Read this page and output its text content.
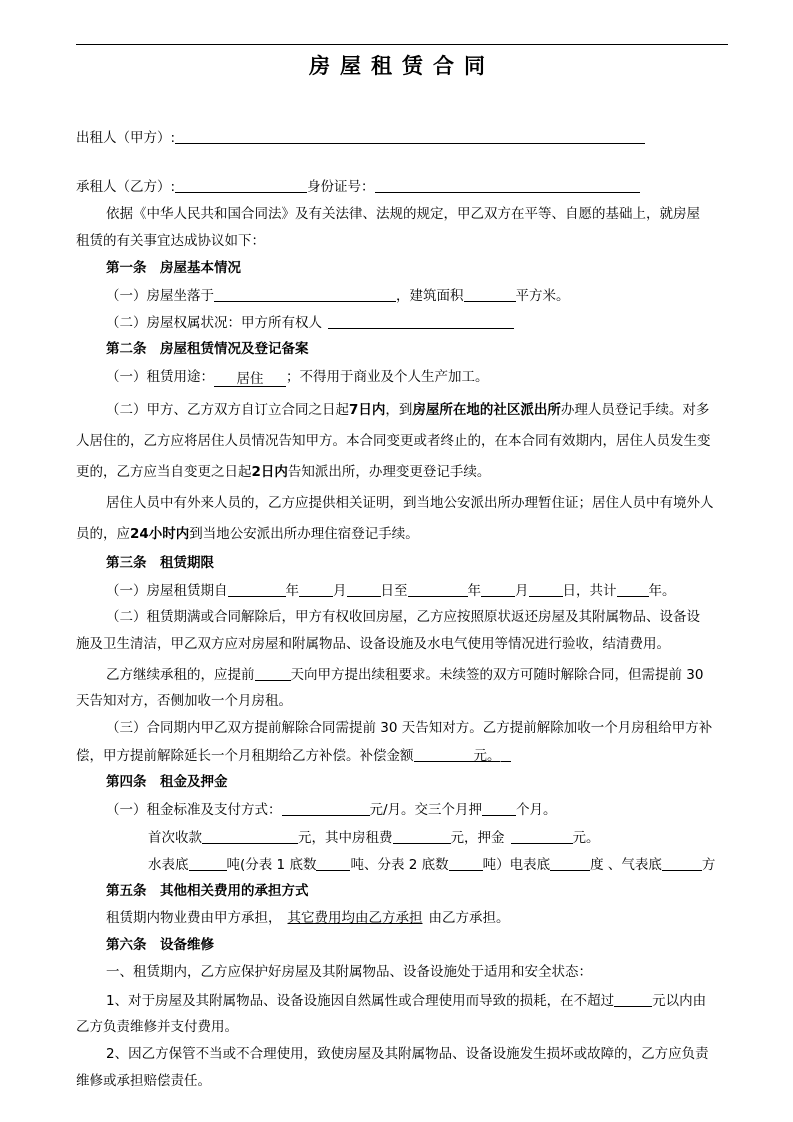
房屋租赁合同
出租人（甲方）:
承租人（乙方）:	身份证号：
依据《中华人民共和国合同法》及有关法律、法规的规定，甲乙双方在平等、自愿的基础上，就房屋
租赁的有关事宜达成协议如下：
第一条　房屋基本情况
（一）房屋坐落于	，建筑面积	平方米。
（二）房屋权属状况：甲方所有权人
第二条　房屋租赁情况及登记备案
（一）租赁用途： 居住 ；不得用于商业及个人生产加工。
（二）甲方、乙方双方自订立合同之日起7日内，到房屋所在地的社区派出所办理人员登记手续。对多
人居住的，乙方应将居住人员情况告知甲方。本合同变更或者终止的，在本合同有效期内，居住人员发生变
更的，乙方应当自变更之日起2日内告知派出所，办理变更登记手续。
居住人员中有外来人员的，乙方应提供相关证明，到当地公安派出所办理暂住证；居住人员中有境外人
员的，应24小时内到当地公安派出所办理住宿登记手续。
第三条　租赁期限
（一）房屋租赁期自	年	月	日至	年	月	日，共计 年。
（二）租赁期满或合同解除后，甲方有权收回房屋，乙方应按照原状返还房屋及其附属物品、设备设
施及卫生清洁，甲乙双方应对房屋和附属物品、设备设施及水电气使用等情况进行验收，结清费用。
乙方继续承租的，应提前	天向甲方提出续租要求。未续签的双方可随时解除合同，但需提前 30
天告知对方，否侧加收一个月房租。
（三）合同期内甲乙双方提前解除合同需提前 30 天告知对方。乙方提前解除加收一个月房租给甲方补
偿，甲方提前解除延长一个月租期给乙方补偿。补偿金额	元。
第四条　租金及押金
（一）租金标准及支付方式：	元/月。交三个月押	个月。
首次收款	元，其中房租费	元，押金	元。
水表底	吨(分表 1 底数	吨、分表 2 底数	吨）电表底	度 、气表底	方
第五条　其他相关费用的承担方式
租赁期内物业费由甲方承担， 其它费用均由乙方承担 由乙方承担。
第六条　设备维修
一、租赁期内，乙方应保护好房屋及其附属物品、设备设施处于适用和安全状态：
1、对于房屋及其附属物品、设备设施因自然属性或合理使用而导致的损耗，在不超过	元以内由
乙方负责维修并支付费用。
2、因乙方保管不当或不合理使用，致使房屋及其附属物品、设备设施发生损坏或故障的，乙方应负责
维修或承担赔偿责任。
